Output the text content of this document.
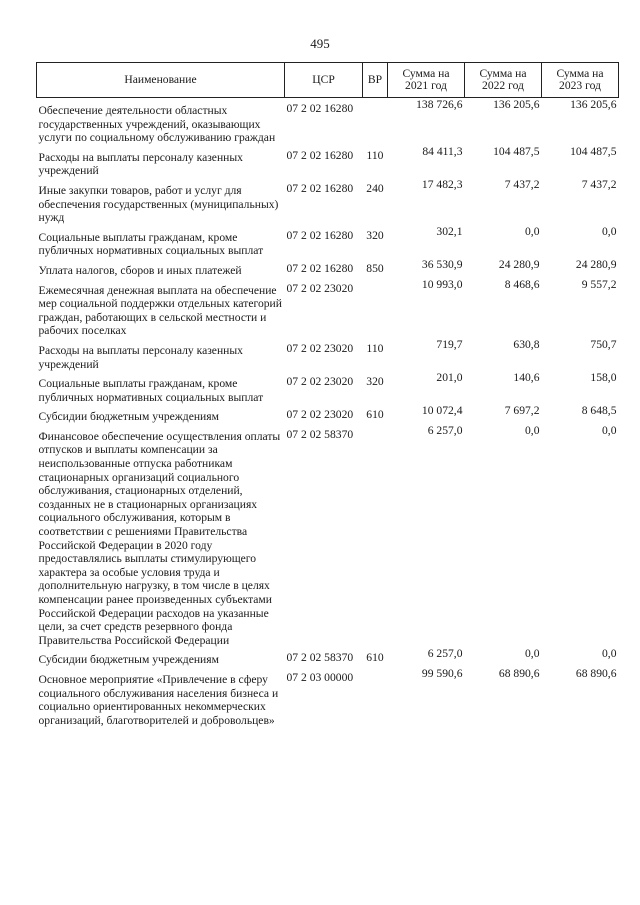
495
Наименование	ЦСР	ВР	Сумма на 2021 год	Сумма на 2022 год	Сумма на 2023 год
Обеспечение деятельности областных государственных учреждений, оказывающих услуги по социальному обслуживанию граждан	07 2 02 16280		138 726,6	136 205,6	136 205,6
Расходы на выплаты персоналу казенных учреждений	07 2 02 16280	110	84 411,3	104 487,5	104 487,5
Иные закупки товаров, работ и услуг для обеспечения государственных (муниципальных) нужд	07 2 02 16280	240	17 482,3	7 437,2	7 437,2
Социальные выплаты гражданам, кроме публичных нормативных социальных выплат	07 2 02 16280	320	302,1	0,0	0,0
Уплата налогов, сборов и иных платежей	07 2 02 16280	850	36 530,9	24 280,9	24 280,9
Ежемесячная денежная выплата на обеспечение мер социальной поддержки отдельных категорий граждан, работающих в сельской местности и рабочих поселках	07 2 02 23020		10 993,0	8 468,6	9 557,2
Расходы на выплаты персоналу казенных учреждений	07 2 02 23020	110	719,7	630,8	750,7
Социальные выплаты гражданам, кроме публичных нормативных социальных выплат	07 2 02 23020	320	201,0	140,6	158,0
Субсидии бюджетным учреждениям	07 2 02 23020	610	10 072,4	7 697,2	8 648,5
Финансовое обеспечение осуществления оплаты отпусков и выплаты компенсации за неиспользованные отпуска работникам стационарных организаций социального обслуживания, стационарных отделений, созданных не в стационарных организациях социального обслуживания, которым в соответствии с решениями Правительства Российской Федерации в 2020 году предоставлялись выплаты стимулирующего характера за особые условия труда и дополнительную нагрузку, в том числе в целях компенсации ранее произведенных субъектами Российской Федерации расходов на указанные цели, за счет средств резервного фонда Правительства Российской Федерации	07 2 02 58370		6 257,0	0,0	0,0
Субсидии бюджетным учреждениям	07 2 02 58370	610	6 257,0	0,0	0,0
Основное мероприятие «Привлечение в сферу социального обслуживания населения бизнеса и социально ориентированных некоммерческих организаций, благотворителей и добровольцев»	07 2 03 00000		99 590,6	68 890,6	68 890,6
